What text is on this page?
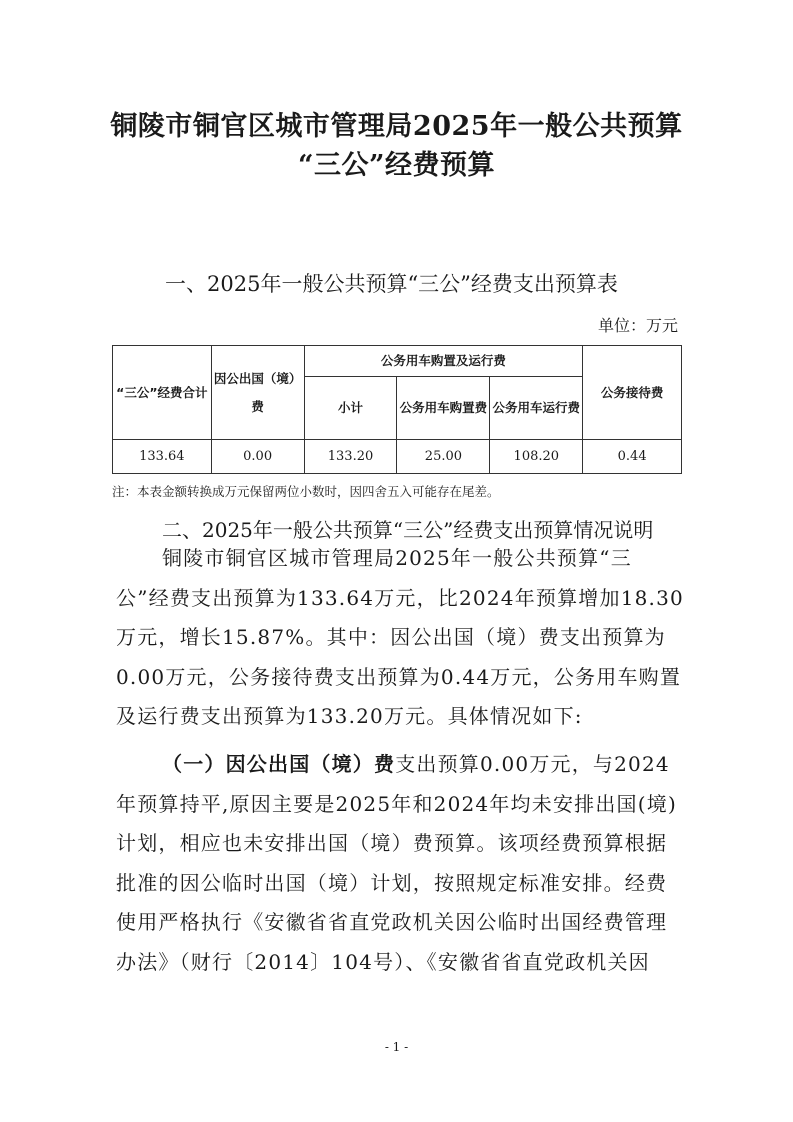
铜陵市铜官区城市管理局2025年一般公共预算
“三公”经费预算
一、2025年一般公共预算“三公”经费支出预算表
单位：万元
“三公”经费合计	因公出国（境）费	公务用车购置及运行费			公务接待费
		小计	公务用车购置费	公务用车运行费	
133.64	0.00	133.20	25.00	108.20	0.44
注：本表金额转换成万元保留两位小数时，因四舍五入可能存在尾差。
二、2025年一般公共预算“三公”经费支出预算情况说明
铜陵市铜官区城市管理局2025年一般公共预算“三公”经费支出预算为133.64万元，比2024年预算增加18.30万元，增长15.87%。其中：因公出国（境）费支出预算为0.00万元，公务接待费支出预算为0.44万元，公务用车购置及运行费支出预算为133.20万元。具体情况如下:
（一）因公出国（境）费支出预算0.00万元，与2024年预算持平,原因主要是2025年和2024年均未安排出国(境)计划，相应也未安排出国（境）费预算。该项经费预算根据批准的因公临时出国（境）计划，按照规定标准安排。经费使用严格执行《安徽省省直党政机关因公临时出国经费管理办法》（财行〔2014〕104号）、《安徽省省直党政机关因
- 1 -
